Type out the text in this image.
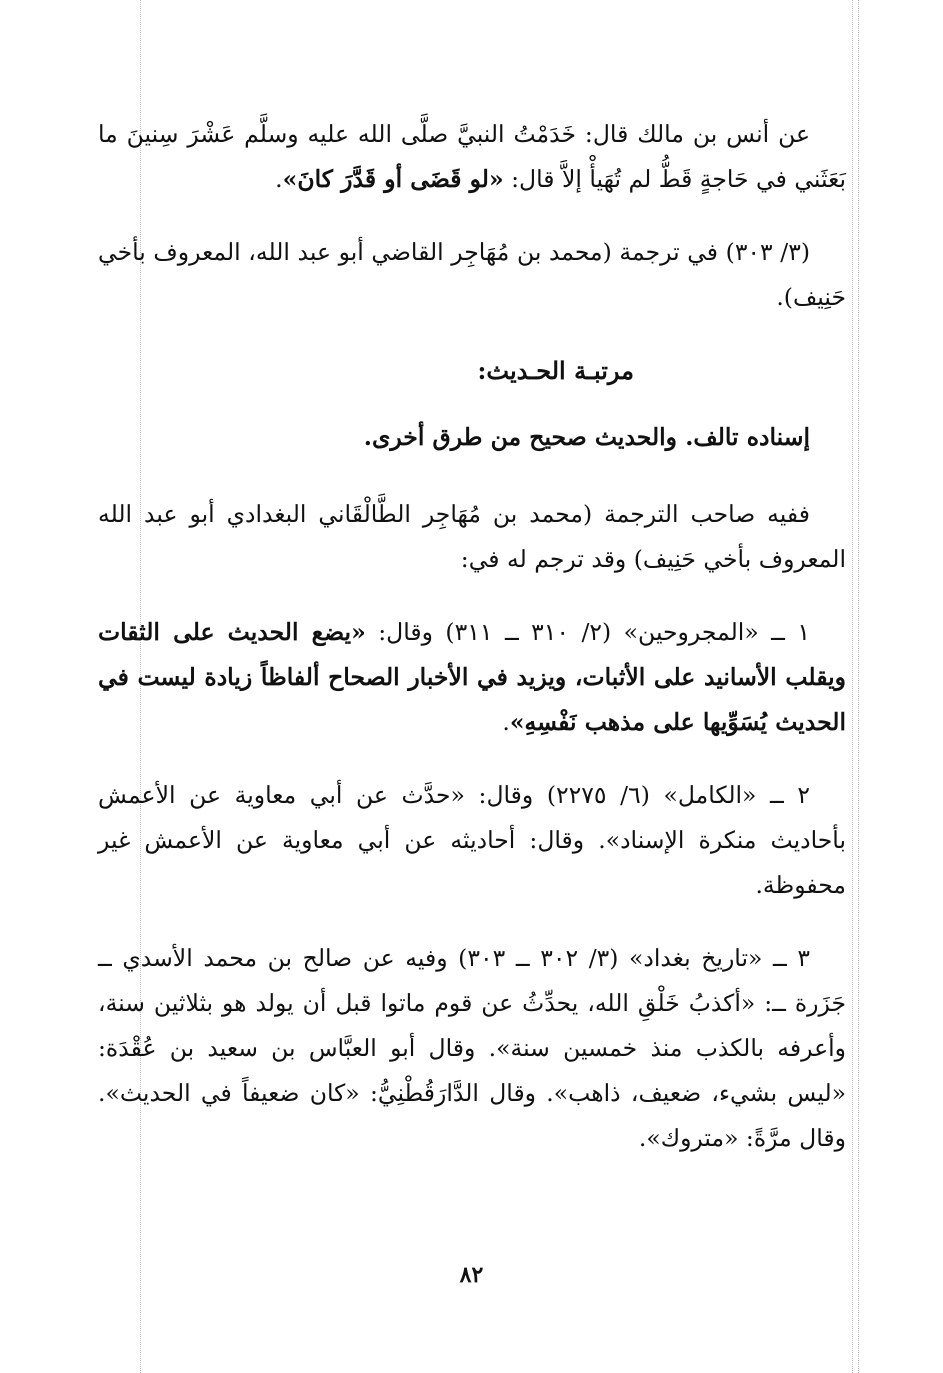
عن أنس بن مالك قال: خَدَمْتُ النبيَّ صلَّى الله عليه وسلَّم عَشْرَ سِنينَ ما بَعَثَني في حَاجةٍ قَطُّ لم تُهَيأْ إلاَّ قال: «لو قَضَى أو قَدَّرَ كانَ».

(٣/ ٣٠٣) في ترجمة (محمد بن مُهَاجِر القاضي أبو عبد الله، المعروف بأخي حَنِيف).

مرتبـة الحـديث:

إسناده تالف. والحديث صحيح من طرق أخرى.

ففيه صاحب الترجمة (محمد بن مُهَاجِر الطَّالْقَاني البغدادي أبو عبد الله المعروف بأخي حَنِيف) وقد ترجم له في:

١ ــ «المجروحين» (٢/ ٣١٠ ــ ٣١١) وقال: «يضع الحديث على الثقات ويقلب الأسانيد على الأثبات، ويزيد في الأخبار الصحاح ألفاظاً زيادة ليست في الحديث يُسَوِّيها على مذهب نَفْسِهِ».

٢ ــ «الكامل» (٦/ ٢٢٧٥) وقال: «حدَّث عن أبي معاوية عن الأعمش بأحاديث منكرة الإسناد». وقال: أحاديثه عن أبي معاوية عن الأعمش غير محفوظة.

٣ ــ «تاريخ بغداد» (٣/ ٣٠٢ ــ ٣٠٣) وفيه عن صالح بن محمد الأسدي ــ جَزَرة ــ: «أكذبُ خَلْقِ الله، يحدِّثُ عن قوم ماتوا قبل أن يولد هو بثلاثين سنة، وأعرفه بالكذب منذ خمسين سنة». وقال أبو العبَّاس بن سعيد بن عُقْدَة: «ليس بشيء، ضعيف، ذاهب». وقال الدَّارَقُطْنِيُّ: «كان ضعيفاً في الحديث». وقال مرَّةً: «متروك».

٨٢
